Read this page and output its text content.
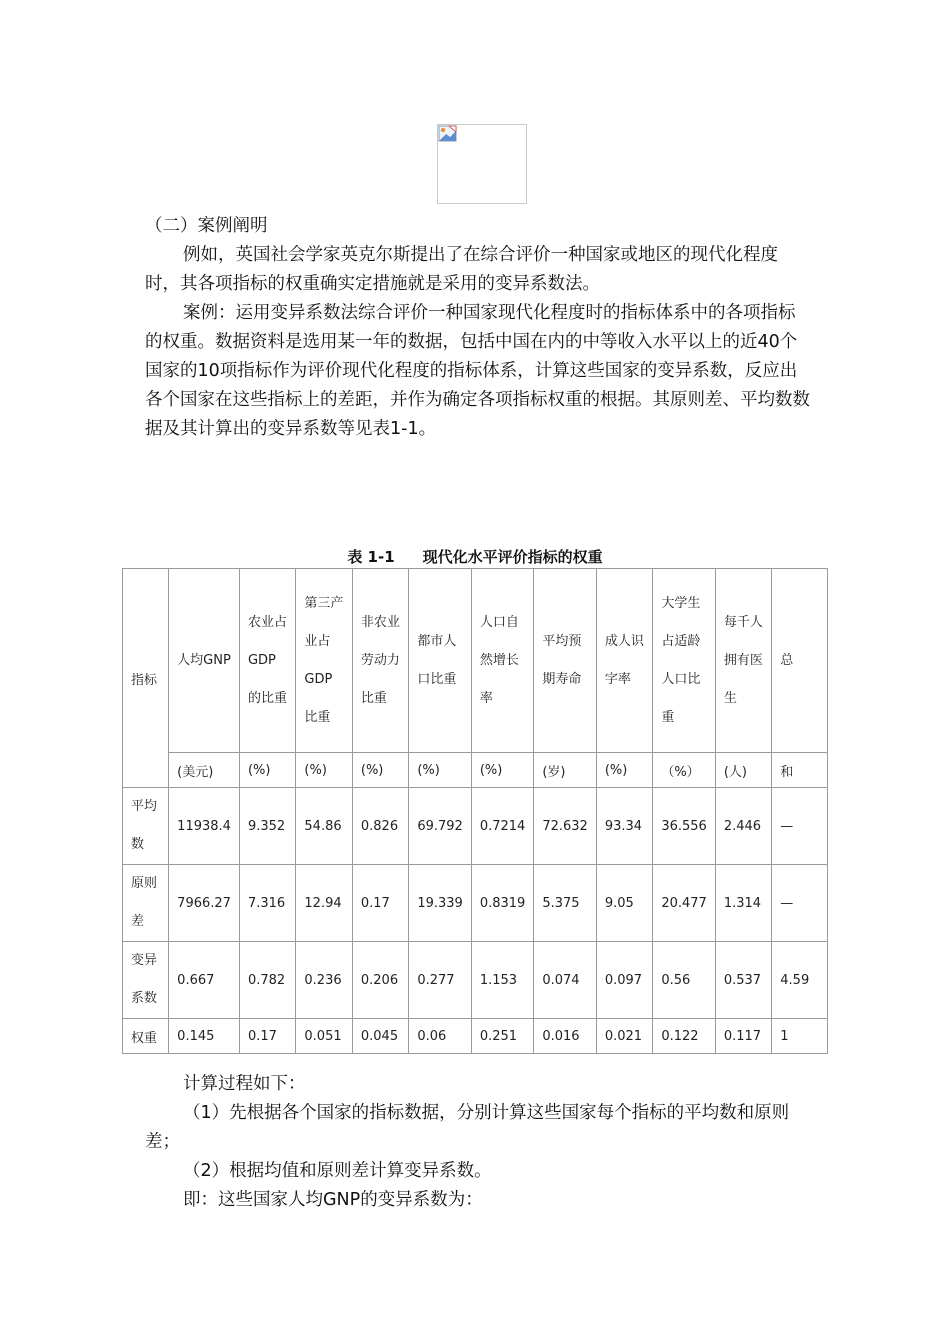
（二）案例阐明
例如，英国社会学家英克尔斯提出了在综合评价一种国家或地区的现代化程度时，其各项指标的权重确实定措施就是采用的变异系数法。
案例：运用变异系数法综合评价一种国家现代化程度时的指标体系中的各项指标的权重。数据资料是选用某一年的数据，包括中国在内的中等收入水平以上的近40个国家的10项指标作为评价现代化程度的指标体系，计算这些国家的变异系数，反应出各个国家在这些指标上的差距，并作为确定各项指标权重的根据。其原则差、平均数数据及其计算出的变异系数等见表1-1。
表 1-1 现代化水平评价指标的权重
指标	人均GNP	农业占GDP的比重	第三产业占GDP比重	非农业劳动力比重	都市人口比重	人口自然增长率	平均预期寿命	成人识字率	大学生占适龄人口比重	每千人拥有医生	总
	(美元)	(%)	(%)	(%)	(%)	(%)	(岁)	(%)	（%）	(人)	和
平均数	11938.4	9.352	54.86	0.826	69.792	0.7214	72.632	93.34	36.556	2.446	—
原则差	7966.27	7.316	12.94	0.17	19.339	0.8319	5.375	9.05	20.477	1.314	—
变异系数	0.667	0.782	0.236	0.206	0.277	1.153	0.074	0.097	0.56	0.537	4.59
权重	0.145	0.17	0.051	0.045	0.06	0.251	0.016	0.021	0.122	0.117	1
计算过程如下：
（1）先根据各个国家的指标数据，分别计算这些国家每个指标的平均数和原则差；
（2）根据均值和原则差计算变异系数。
即：这些国家人均GNP的变异系数为：
